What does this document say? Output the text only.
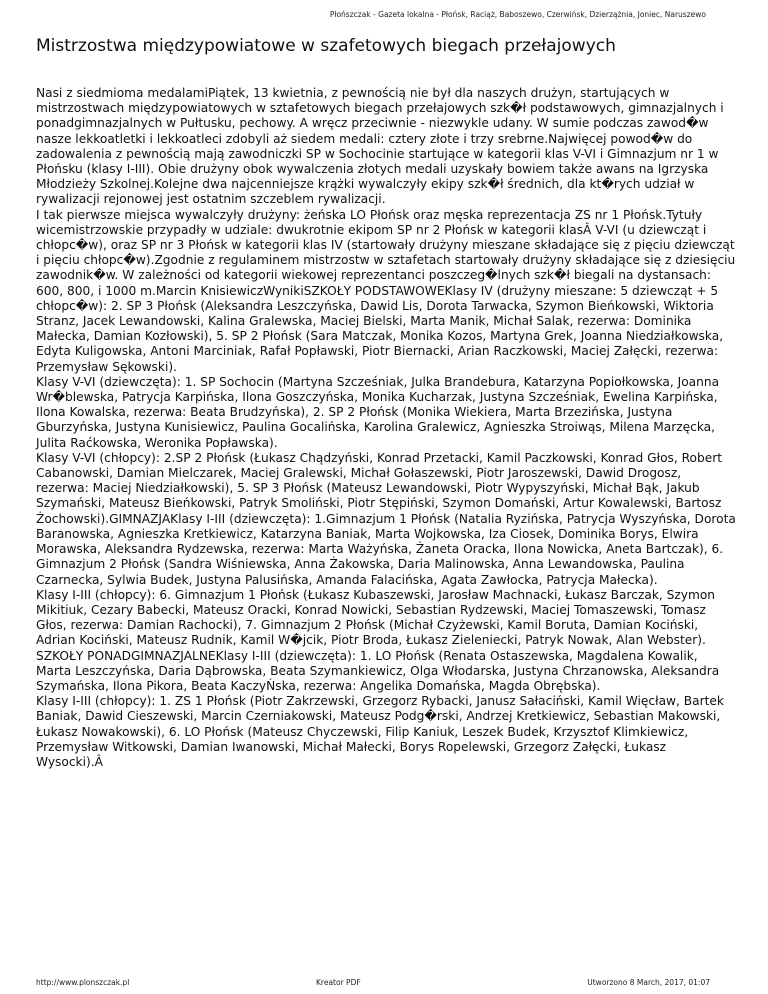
Płońszczak - Gazeta lokalna - Płońsk, Raciąż, Baboszewo, Czerwińsk, Dzierzążnia, Joniec, Naruszewo
Mistrzostwa międzypowiatowe w szafetowych biegach przełajowych

Nasi z siedmioma medalamiPiątek, 13 kwietnia, z pewnością nie był dla naszych drużyn, startujących w mistrzostwach międzypowiatowych w sztafetowych biegach przełajowych szk�ł podstawowych, gimnazjalnych i ponadgimnazjalnych w Pułtusku, pechowy. A wręcz przeciwnie - niezwykle udany. W sumie podczas zawod�w nasze lekkoatletki i lekkoatleci zdobyli aż siedem medali: cztery złote i trzy srebrne.Najwięcej powod�w do zadowalenia z pewnością mają zawodniczki SP w Sochocinie startujące w kategorii klas V-VI i Gimnazjum nr 1 w Płońsku (klasy I-III). Obie drużyny obok wywalczenia złotych medali uzyskały bowiem także awans na Igrzyska Młodzieży Szkolnej.Kolejne dwa najcenniejsze krążki wywalczyły ekipy szk�ł średnich, dla kt�rych udział w rywalizacji rejonowej jest ostatnim szczeblem rywalizacji.

I tak pierwsze miejsca wywalczyły drużyny: żeńska LO Płońsk oraz męska reprezentacja ZS nr 1 Płońsk.Tytuły wicemistrzowskie przypadły w udziale: dwukrotnie ekipom SP nr 2 Płońsk w kategorii klasÂ V-VI (u dziewcząt i chłopc�w), oraz SP nr 3 Płońsk w kategorii klas IV (startowały drużyny mieszane składające się z pięciu dziewcząt i pięciu chłopc�w).Zgodnie z regulaminem mistrzostw w sztafetach startowały drużyny składające się z dziesięciu zawodnik�w. W zależności od kategorii wiekowej reprezentanci poszczeg�lnych szk�ł biegali na dystansach: 600, 800, i 1000 m.Marcin KnisiewiczWynikiSZKOŁY PODSTAWOWEKlasy IV (drużyny mieszane: 5 dziewcząt + 5 chłopc�w): 2. SP 3 Płońsk (Aleksandra Leszczyńska, Dawid Lis, Dorota Tarwacka, Szymon Bieńkowski, Wiktoria Stranz, Jacek Lewandowski, Kalina Gralewska, Maciej Bielski, Marta Manik, Michał Salak, rezerwa: Dominika Małecka, Damian Kozłowski), 5. SP 2 Płońsk (Sara Matczak, Monika Kozos, Martyna Grek, Joanna Niedziałkowska, Edyta Kuligowska, Antoni Marciniak, Rafał Popławski, Piotr Biernacki, Arian Raczkowski, Maciej Załęcki, rezerwa: Przemysław Sękowski).

Klasy V-VI (dziewczęta): 1. SP Sochocin (Martyna Szcześniak, Julka Brandebura, Katarzyna Popiołkowska, Joanna Wr�blewska, Patrycja Karpińska, Ilona Goszczyńska, Monika Kucharzak, Justyna Szcześniak, Ewelina Karpińska, Ilona Kowalska, rezerwa: Beata Brudzyńska), 2. SP 2 Płońsk (Monika Wiekiera, Marta Brzezińska, Justyna Gburzyńska, Justyna Kunisiewicz, Paulina Gocalińska, Karolina Gralewicz, Agnieszka Stroiwąs, Milena Marzęcka, Julita Raćkowska, Weronika Popławska).

Klasy V-VI (chłopcy): 2.SP 2 Płońsk (Łukasz Chądzyński, Konrad Przetacki, Kamil Paczkowski, Konrad Głos, Robert Cabanowski, Damian Mielczarek, Maciej Gralewski, Michał Gołaszewski, Piotr Jaroszewski, Dawid Drogosz, rezerwa: Maciej Niedziałkowski), 5. SP 3 Płońsk (Mateusz Lewandowski, Piotr Wypyszyński, Michał Bąk, Jakub Szymański, Mateusz Bieńkowski, Patryk Smoliński, Piotr Stępiński, Szymon Domański, Artur Kowalewski, Bartosz Żochowski).GIMNAZJAKlasy I-III (dziewczęta): 1.Gimnazjum 1 Płońsk (Natalia Ryzińska, Patrycja Wyszyńska, Dorota Baranowska, Agnieszka Kretkiewicz, Katarzyna Baniak, Marta Wojkowska, Iza Ciosek, Dominika Borys, Elwira Morawska, Aleksandra Rydzewska, rezerwa: Marta Ważyńska, Żaneta Oracka, Ilona Nowicka, Aneta Bartczak), 6. Gimnazjum 2 Płońsk (Sandra Wiśniewska, Anna Żakowska, Daria Malinowska, Anna Lewandowska, Paulina Czarnecka, Sylwia Budek, Justyna Palusińska, Amanda Falacińska, Agata Zawłocka, Patrycja Małecka).

Klasy I-III (chłopcy): 6. Gimnazjum 1 Płońsk (Łukasz Kubaszewski, Jarosław Machnacki, Łukasz Barczak, Szymon Mikitiuk, Cezary Babecki, Mateusz Oracki, Konrad Nowicki, Sebastian Rydzewski, Maciej Tomaszewski, Tomasz Głos, rezerwa: Damian Rachocki), 7. Gimnazjum 2 Płońsk (Michał Czyżewski, Kamil Boruta, Damian Kociński, Adrian Kociński, Mateusz Rudnik, Kamil W�jcik, Piotr Broda, Łukasz Zieleniecki, Patryk Nowak, Alan Webster). SZKOŁY PONADGIMNAZJALNEKlasy I-III (dziewczęta): 1. LO Płońsk (Renata Ostaszewska, Magdalena Kowalik, Marta Leszczyńska, Daria Dąbrowska, Beata Szymankiewicz, Olga Włodarska, Justyna Chrzanowska, Aleksandra Szymańska, Ilona Pikora, Beata KaczyŃska, rezerwa: Angelika Domańska, Magda Obrębska).

Klasy I-III (chłopcy): 1. ZS 1 Płońsk (Piotr Zakrzewski, Grzegorz Rybacki, Janusz Sałaciński, Kamil Więcław, Bartek Baniak, Dawid Cieszewski, Marcin Czerniakowski, Mateusz Podg�rski, Andrzej Kretkiewicz, Sebastian Makowski, Łukasz Nowakowski), 6. LO Płońsk (Mateusz Chyczewski, Filip Kaniuk, Leszek Budek, Krzysztof Klimkiewicz, Przemysław Witkowski, Damian Iwanowski, Michał Małecki, Borys Ropelewski, Grzegorz Załęcki, Łukasz Wysocki).Â

http://www.plonszczak.pl	Kreator PDF	Utworzono 8 March, 2017, 01:07
